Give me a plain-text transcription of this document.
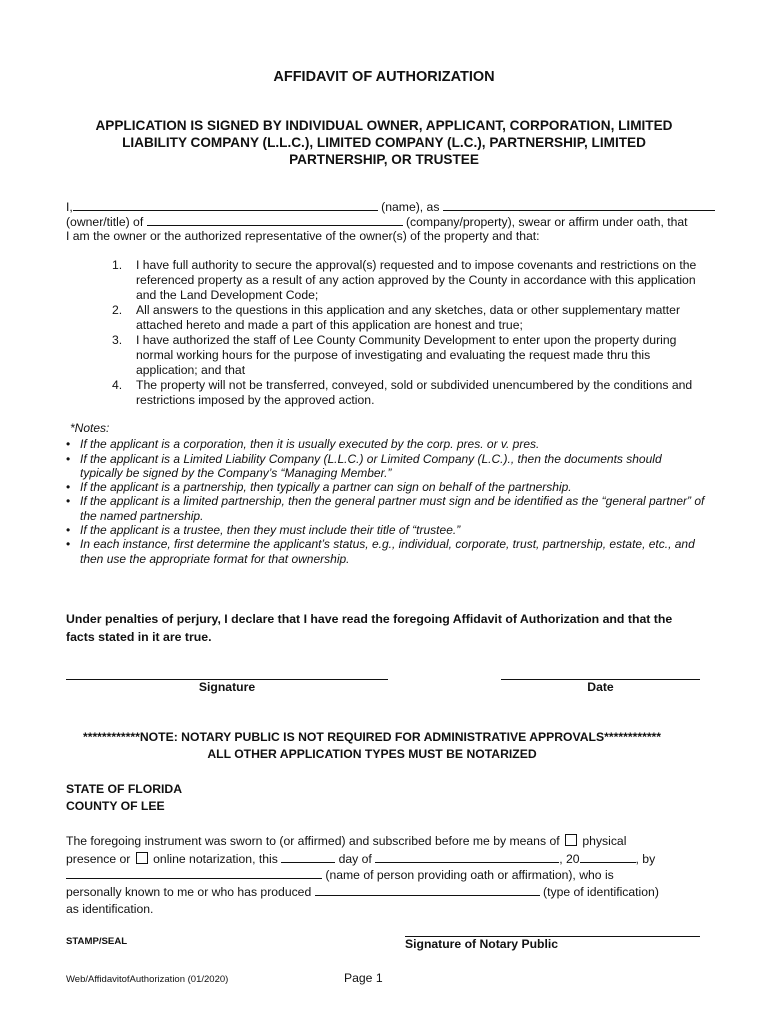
AFFIDAVIT OF AUTHORIZATION
APPLICATION IS SIGNED BY INDIVIDUAL OWNER, APPLICANT, CORPORATION, LIMITED LIABILITY COMPANY (L.L.C.), LIMITED COMPANY (L.C.), PARTNERSHIP, LIMITED PARTNERSHIP, OR TRUSTEE
I,	(name), as
(owner/title) of	(company/property), swear or affirm under oath, that
I am the owner or the authorized representative of the owner(s) of the property and that:
1. I have full authority to secure the approval(s) requested and to impose covenants and restrictions on the referenced property as a result of any action approved by the County in accordance with this application and the Land Development Code;
2. All answers to the questions in this application and any sketches, data or other supplementary matter attached hereto and made a part of this application are honest and true;
3. I have authorized the staff of Lee County Community Development to enter upon the property during normal working hours for the purpose of investigating and evaluating the request made thru this application; and that
4. The property will not be transferred, conveyed, sold or subdivided unencumbered by the conditions and restrictions imposed by the approved action.
*Notes:
• If the applicant is a corporation, then it is usually executed by the corp. pres. or v. pres.
• If the applicant is a Limited Liability Company (L.L.C.) or Limited Company (L.C.)., then the documents should typically be signed by the Company’s “Managing Member.”
• If the applicant is a partnership, then typically a partner can sign on behalf of the partnership.
• If the applicant is a limited partnership, then the general partner must sign and be identified as the “general partner” of the named partnership.
• If the applicant is a trustee, then they must include their title of “trustee.”
• In each instance, first determine the applicant’s status, e.g., individual, corporate, trust, partnership, estate, etc., and then use the appropriate format for that ownership.
Under penalties of perjury, I declare that I have read the foregoing Affidavit of Authorization and that the facts stated in it are true.
Signature	Date
************NOTE: NOTARY PUBLIC IS NOT REQUIRED FOR ADMINISTRATIVE APPROVALS************
ALL OTHER APPLICATION TYPES MUST BE NOTARIZED
STATE OF FLORIDA
COUNTY OF LEE
The foregoing instrument was sworn to (or affirmed) and subscribed before me by means of physical
presence or online notarization, this	day of	, 20	, by
(name of person providing oath or affirmation), who is
personally known to me or who has produced	(type of identification)
as identification.
STAMP/SEAL	Signature of Notary Public
Web/AffidavitofAuthorization (01/2020)	Page 1
